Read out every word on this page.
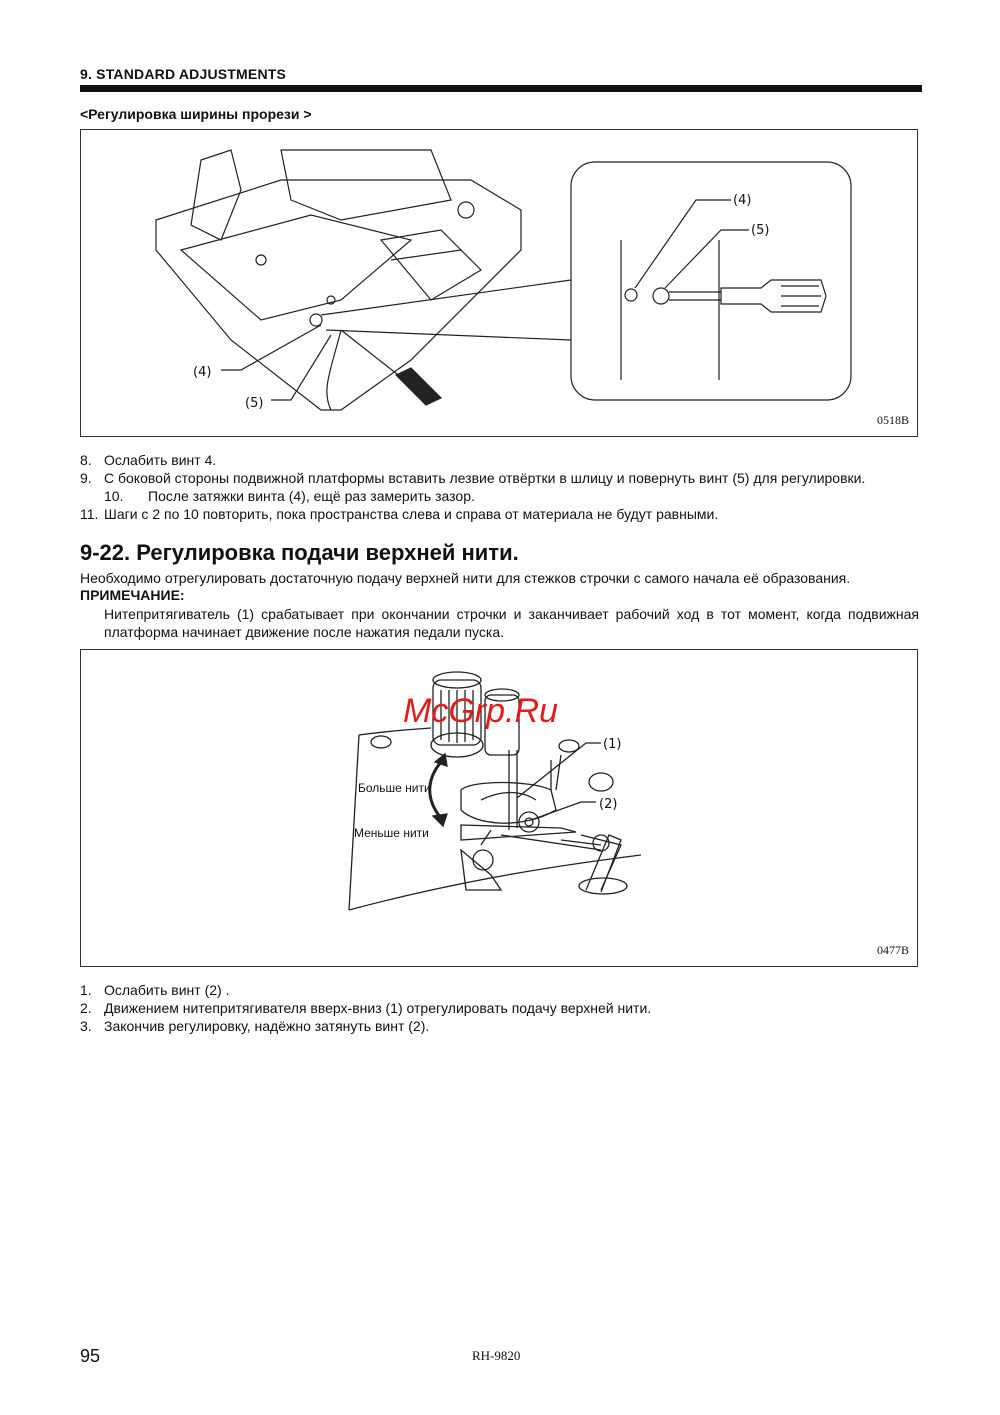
9. STANDARD ADJUSTMENTS
<Регулировка ширины прорези >
(4)
(5)
(4)
(5)
0518B
8. Ослабить винт 4.
9. С боковой стороны подвижной платформы вставить лезвие отвёртки в шлицу и повернуть винт (5) для регулировки.
10. После затяжки винта (4), ещё раз замерить зазор.
11. Шаги с 2 по 10 повторить, пока пространства слева и справа от материала не будут равными.
9-22. Регулировка подачи верхней нити.
Необходимо отрегулировать достаточную подачу верхней нити для стежков строчки с самого начала её образования.
ПРИМЕЧАНИЕ:
Нитепритягиватель (1) срабатывает при окончании строчки и заканчивает рабочий ход в тот момент, когда подвижная платформа начинает движение после нажатия педали пуска.
McGrp.Ru
(1)
(2)
Больше нити
Меньше нити
0477B
1. Ослабить винт (2) .
2. Движением нитепритягивателя вверх-вниз (1) отрегулировать подачу верхней нити.
3. Закончив регулировку, надёжно затянуть винт (2).
95	RH-9820
